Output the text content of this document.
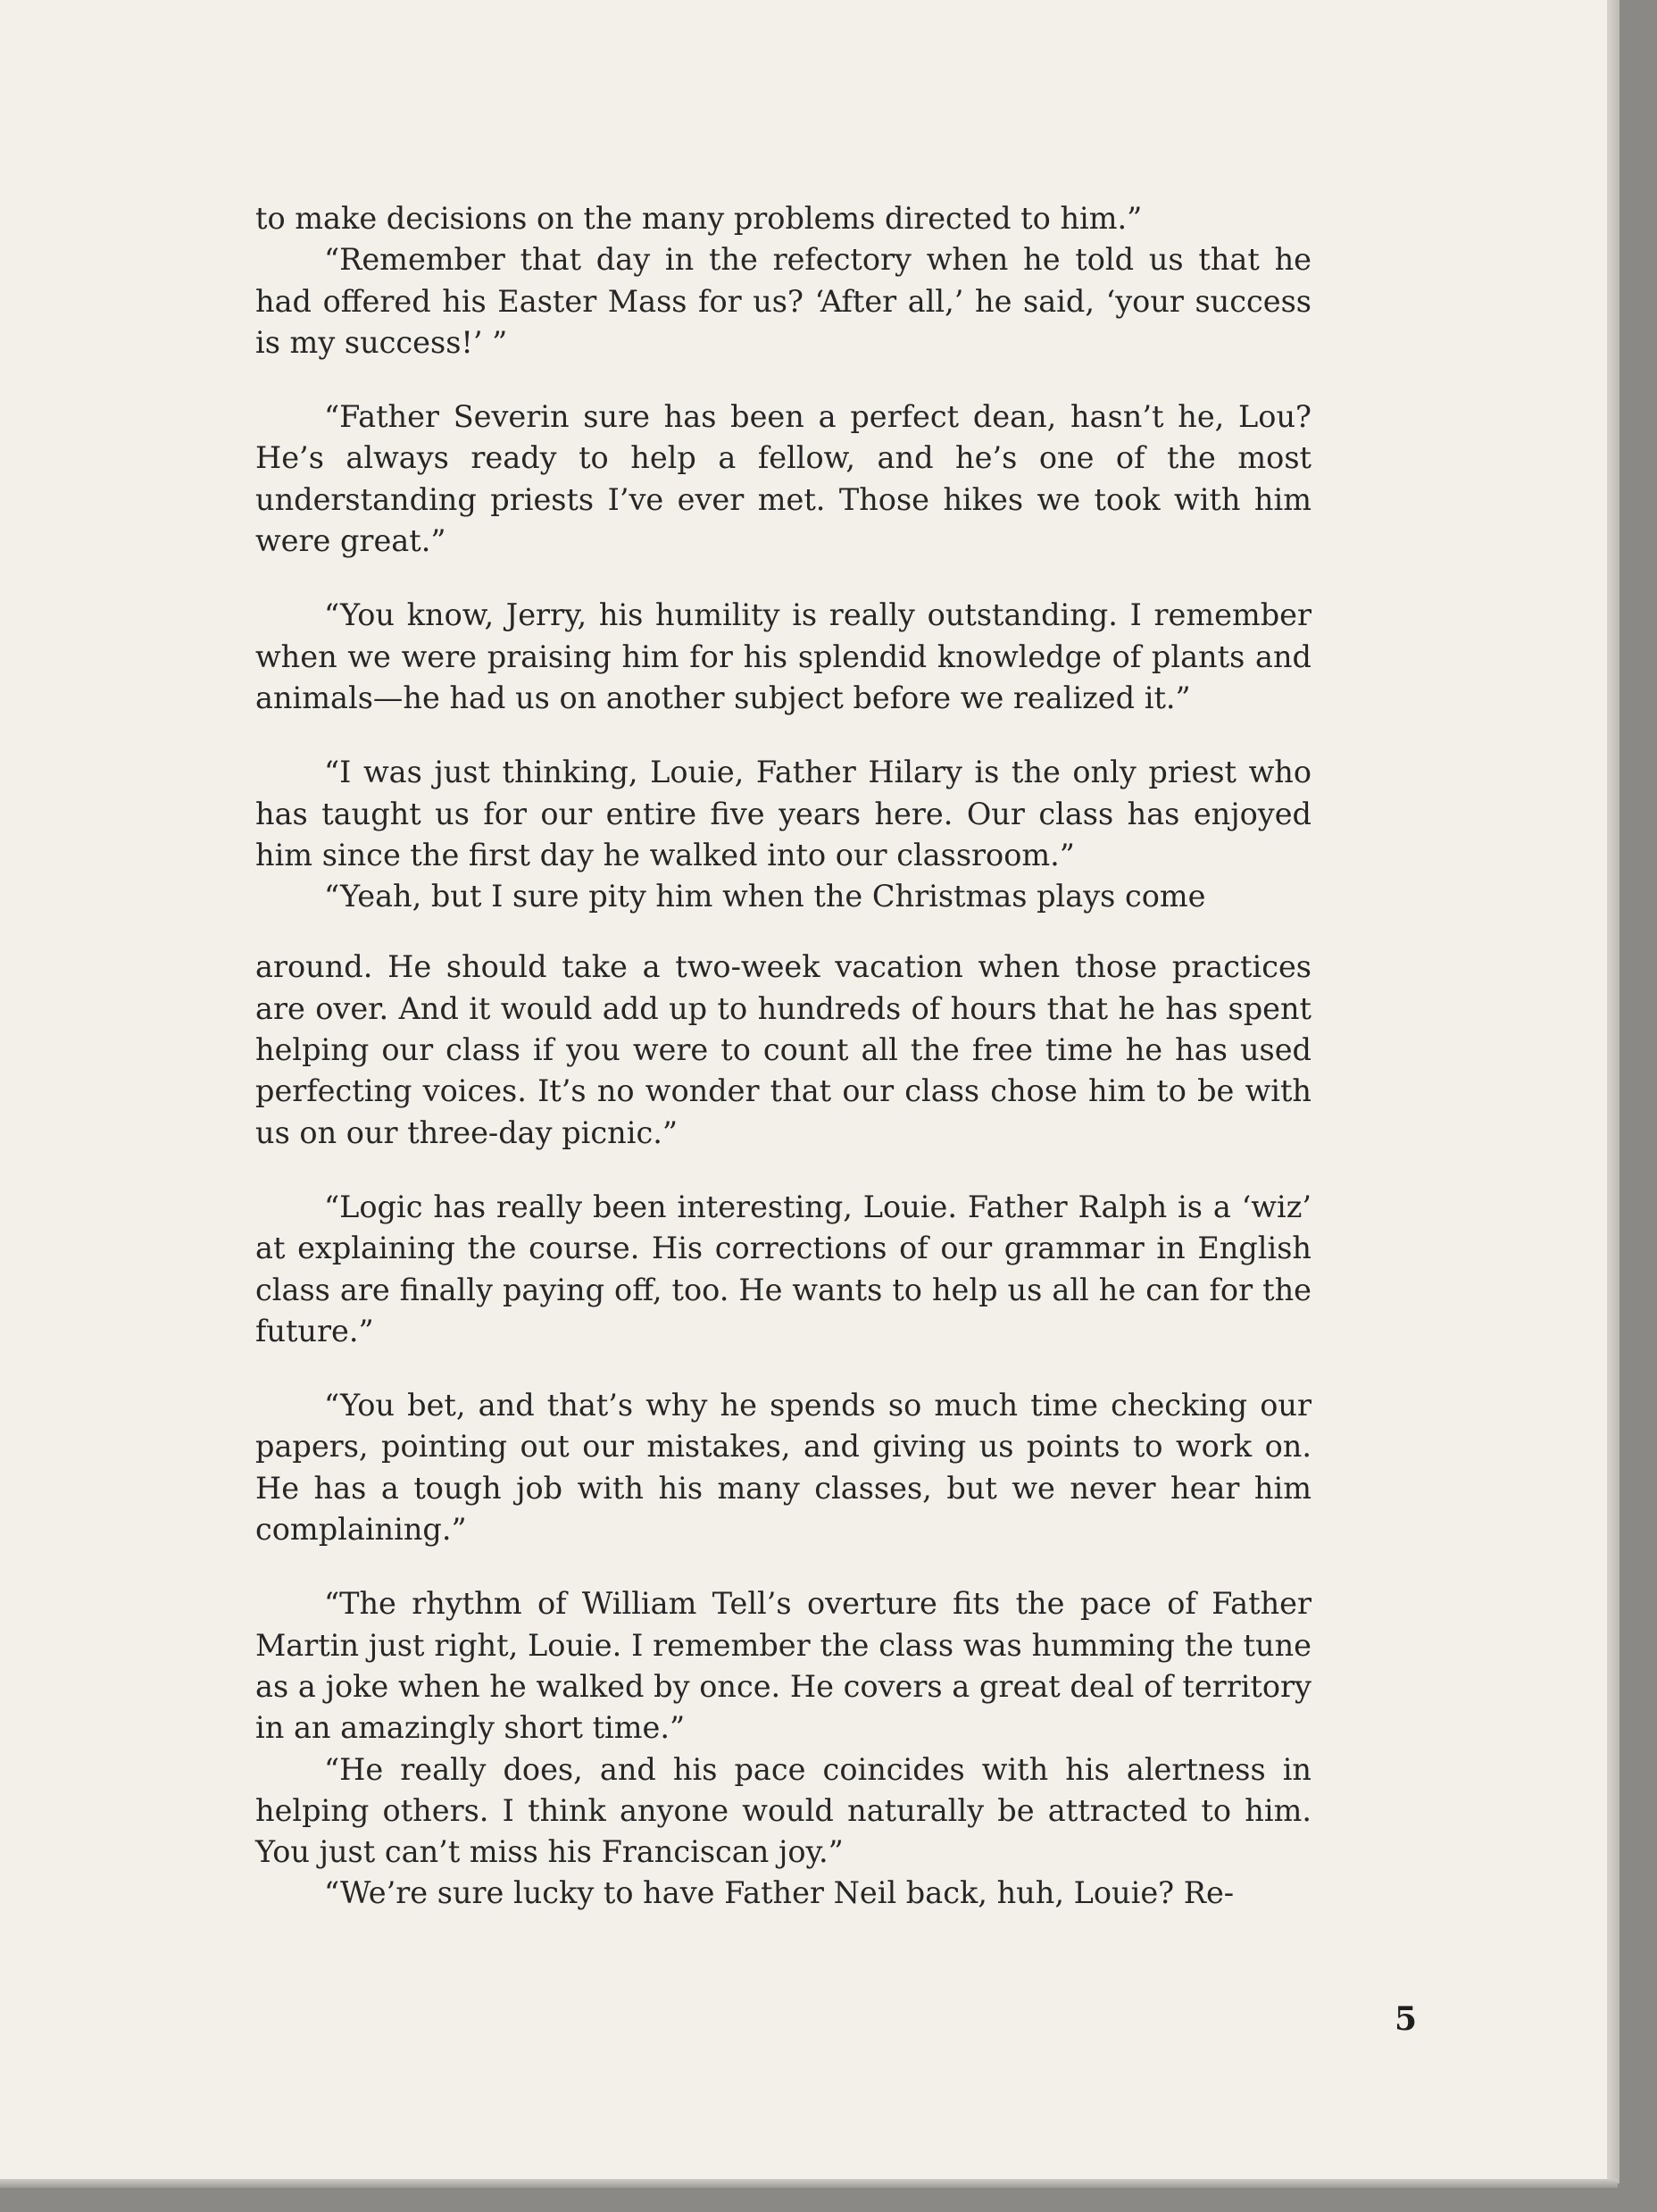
to make decisions on the many problems directed to him.”

“Remember that day in the refectory when he told us that he had offered his Easter Mass for us? ‘After all,’ he said, ‘your success is my success!’ ”

“Father Severin sure has been a perfect dean, hasn’t he, Lou? He’s always ready to help a fellow, and he’s one of the most understanding priests I’ve ever met. Those hikes we took with him were great.”

“You know, Jerry, his humility is really outstanding. I remember when we were praising him for his splendid knowledge of plants and animals—he had us on another subject before we realized it.”

“I was just thinking, Louie, Father Hilary is the only priest who has taught us for our entire five years here. Our class has enjoyed him since the first day he walked into our classroom.”

“Yeah, but I sure pity him when the Christmas plays come

around. He should take a two-week vacation when those practices are over. And it would add up to hundreds of hours that he has spent helping our class if you were to count all the free time he has used perfecting voices. It’s no wonder that our class chose him to be with us on our three-day picnic.”

“Logic has really been interesting, Louie. Father Ralph is a ‘wiz’ at explaining the course. His corrections of our grammar in English class are finally paying off, too. He wants to help us all he can for the future.”

“You bet, and that’s why he spends so much time checking our papers, pointing out our mistakes, and giving us points to work on. He has a tough job with his many classes, but we never hear him complaining.”

“The rhythm of William Tell’s overture fits the pace of Father Martin just right, Louie. I remember the class was humming the tune as a joke when he walked by once. He covers a great deal of territory in an amazingly short time.”

“He really does, and his pace coincides with his alertness in helping others. I think anyone would naturally be attracted to him. You just can’t miss his Franciscan joy.”

“We’re sure lucky to have Father Neil back, huh, Louie? Re-

5
